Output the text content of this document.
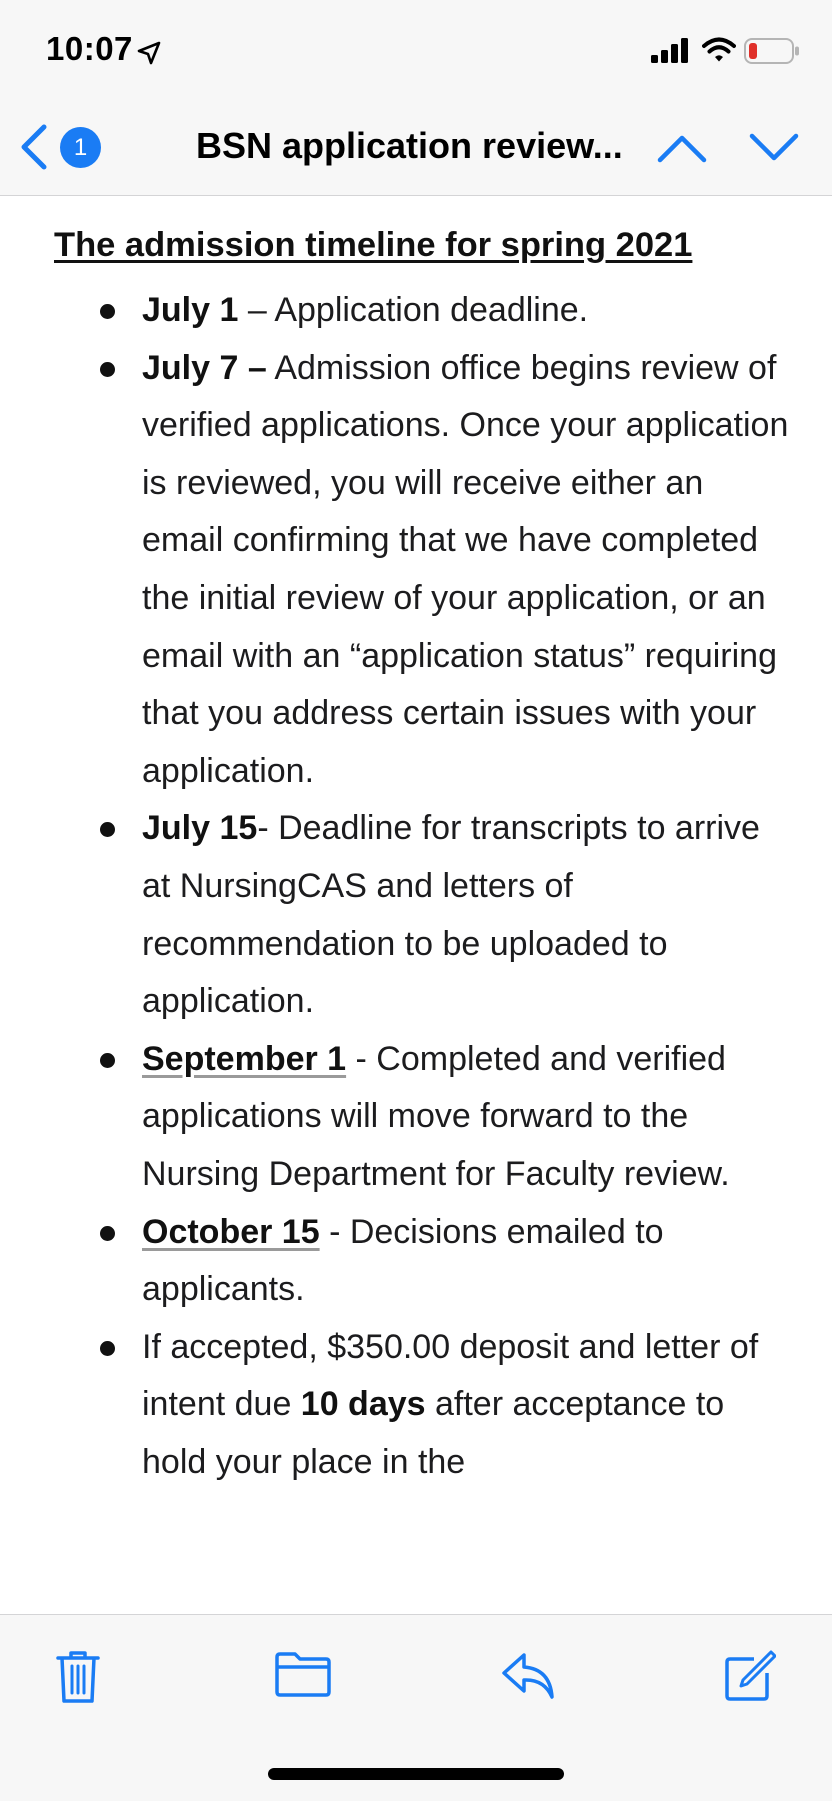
10:07
1	BSN application review...
The admission timeline for spring 2021
July 1 – Application deadline.
July 7 – Admission office begins review of verified applications. Once your application is reviewed, you will receive either an email confirming that we have completed the initial review of your application, or an email with an “application status” requiring that you address certain issues with your application.
July 15- Deadline for transcripts to arrive at NursingCAS and letters of recommendation to be uploaded to application.
September 1 - Completed and verified applications will move forward to the Nursing Department for Faculty review.
October 15 - Decisions emailed to applicants.
If accepted, $350.00 deposit and letter of intent due 10 days after acceptance to hold your place in the
